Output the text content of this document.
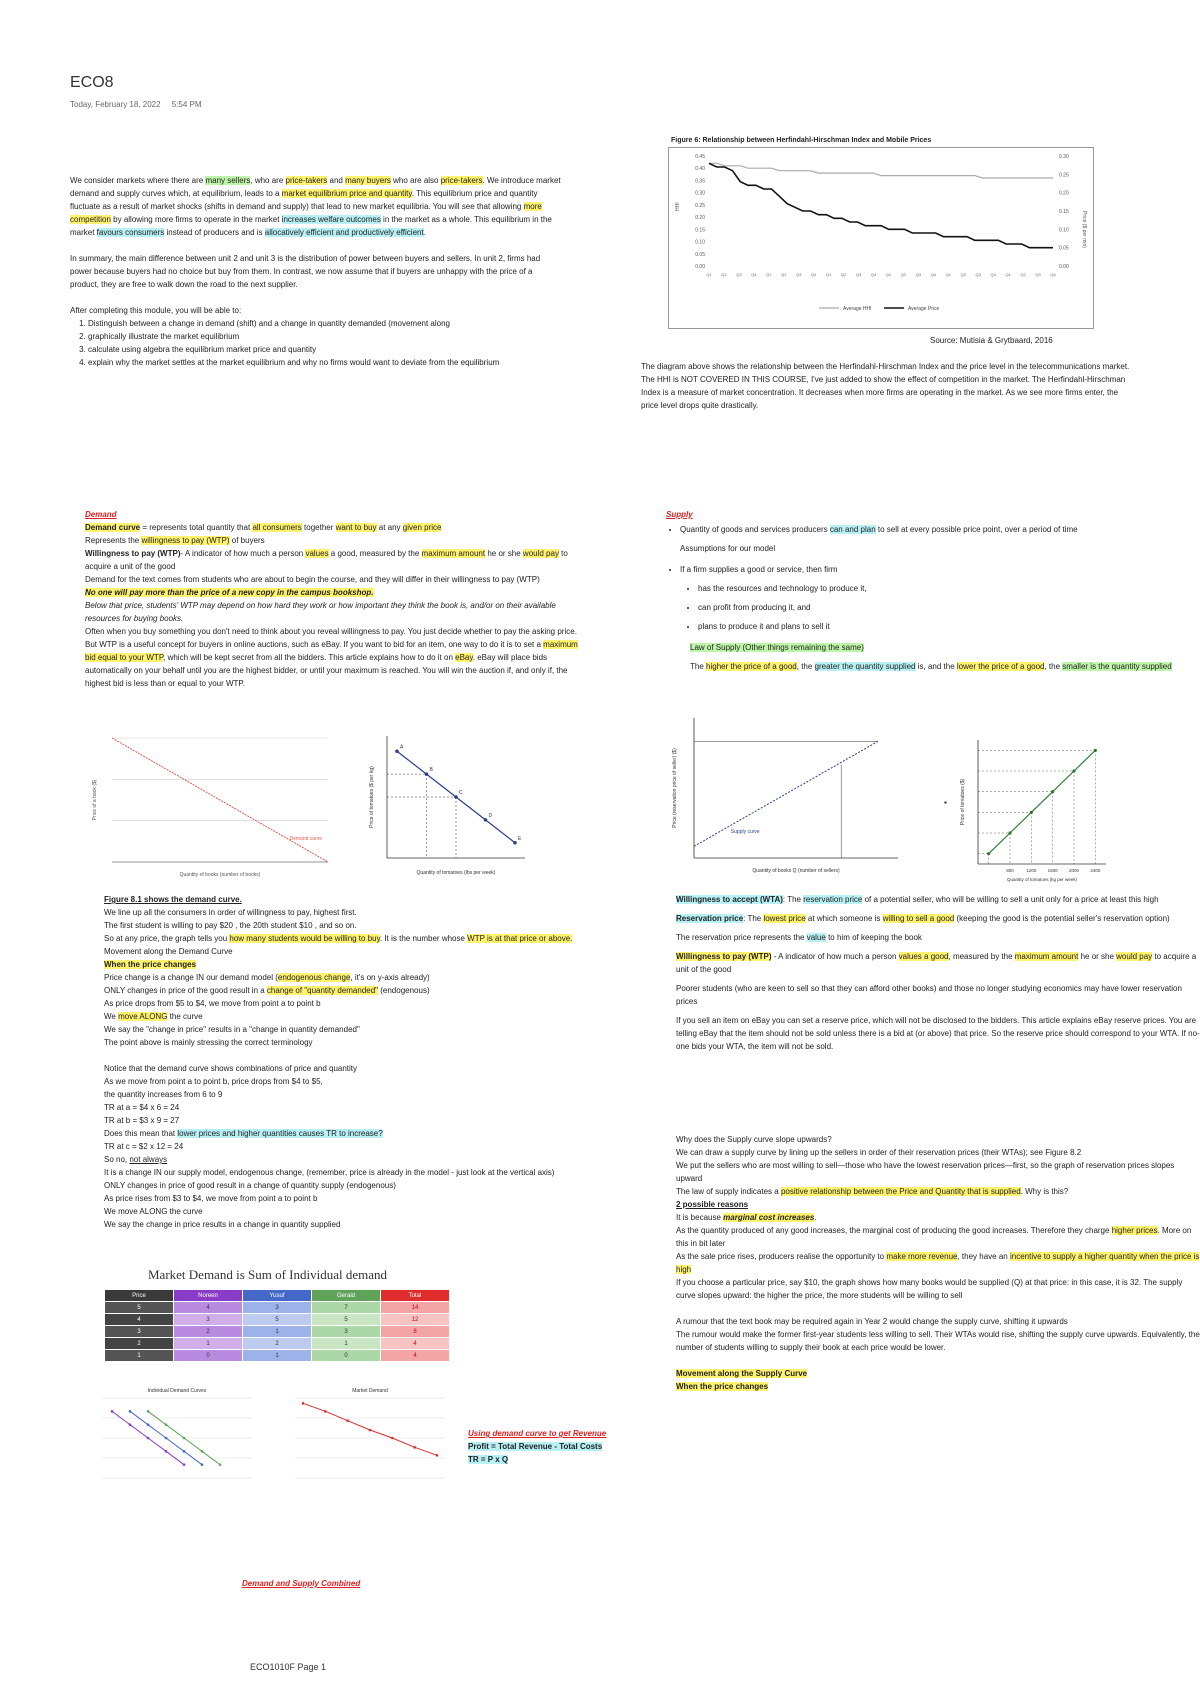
ECO8
Today, February 18, 2022 5:54 PM

We consider markets where there are many sellers, who are price-takers and many buyers who are also price-takers. We introduce market demand and supply curves which, at equilibrium, leads to a market equilibrium price and quantity. This equilibrium price and quantity fluctuate as a result of market shocks (shifts in demand and supply) that lead to new market equilibria. You will see that allowing more competition by allowing more firms to operate in the market increases welfare outcomes in the market as a whole. This equilibrium in the market favours consumers instead of producers and is allocatively efficient and productively efficient.

In summary, the main difference between unit 2 and unit 3 is the distribution of power between buyers and sellers. In unit 2, firms had power because buyers had no choice but buy from them. In contrast, we now assume that if buyers are unhappy with the price of a product, they are free to walk down the road to the next supplier.

After completing this module, you will be able to:

1. Distinguish between a change in demand (shift) and a change in quantity demanded (movement along
2. graphically illustrate the market equilibrium
3. calculate using algebra the equilibrium market price and quantity
4. explain why the market settles at the market equilibrium and why no firms would want to deviate from the equilibrium
Figure 6: Relationship between Herfindahl-Hirschman Index and Mobile Prices
0.45
0.40
0.35
0.30
0.25
0.20
0.15
0.10
0.05
0.00
0.30
0.25
0.20
0.15
0.10
0.05
0.00
HHI
Price ($ per min)
Q1 Q2 Q3 Q4 Q1 Q2 Q3 Q4 Q1 Q2 Q3 Q4 Q1 Q2 Q3 Q4 Q1 Q2 Q3 Q4 Q1 Q2 Q3 Q4
Average HHI	Average Price
Source: Mutisia & Grytbaard, 2016
The diagram above shows the relationship between the Herfindahl-Hirschman Index and the price level in the telecommunications market. The HHI is NOT COVERED IN THIS COURSE, I've just added to show the effect of competition in the market. The Herfindahl-Hirschman Index is a measure of market concentration. It decreases when more firms are operating in the market. As we see more firms enter, the price level drops quite drastically.

Demand

Demand curve = represents total quantity that all consumers together want to buy at any given price

Represents the willingness to pay (WTP) of buyers

Willingness to pay (WTP)- A indicator of how much a person values a good, measured by the maximum amount he or she would pay to acquire a unit of the good

Demand for the text comes from students who are about to begin the course, and they will differ in their willingness to pay (WTP)

No one will pay more than the price of a new copy in the campus bookshop.

Below that price, students' WTP may depend on how hard they work or how important they think the book is, and/or on their available resources for buying books.

Often when you buy something you don't need to think about you reveal willingness to pay. You just decide whether to pay the asking price. But WTP is a useful concept for buyers in online auctions, such as eBay. If you want to bid for an item, one way to do it is to set a maximum bid equal to your WTP, which will be kept secret from all the bidders. This article explains how to do it on eBay. eBay will place bids automatically on your behalf until you are the highest bidder, or until your maximum is reached. You will win the auction if, and only if, the highest bid is less than or equal to your WTP.

Demand curve
Quantity of books (number of books)
Price of a book ($)
A
B
C
D
E
Quantity of tomatoes (lbs per week)
Price of tomatoes ($ per kg)

Figure 8.1 shows the demand curve.

We line up all the consumers in order of willingness to pay, highest first.

The first student is willing to pay $20 , the 20th student $10 , and so on.

So at any price, the graph tells you how many students would be willing to buy. It is the number whose WTP is at that price or above.

Movement along the Demand Curve

When the price changes

Price change is a change IN our demand model (endogenous change, it's on y-axis already)

ONLY changes in price of the good result in a change of "quantity demanded" (endogenous)

As price drops from $5 to $4, we move from point a to point b

We move ALONG the curve

We say the "change in price" results in a "change in quantity demanded"

The point above is mainly stressing the correct terminology

Notice that the demand curve shows combinations of price and quantity

As we move from point a to point b, price drops from $4 to $5,

the quantity increases from 6 to 9

TR at a = $4 x 6 = 24

TR at b = $3 x 9 = 27

Does this mean that lower prices and higher quantities causes TR to increase?

TR at c = $2 x 12 = 24

So no, not always

It is a change IN our supply model, endogenous change, (remember, price is already in the model - just look at the vertical axis)

ONLY changes in price of good result in a change of quantity supply (endogenous)

As price rises from $3 to $4, we move from point a to point b

We move ALONG the curve

We say the change in price results in a change in quantity supplied

Market Demand is Sum of Individual demand
Price	Noreen	Yusuf	Gerald	Total
5	4	3	7	14
4	3	5	5	12
3	2	1	3	8
2	1	2	1	4
1	0	1	0	4
Individual Demand Curves	Market Demand

Using demand curve to get Revenue

Profit = Total Revenue - Total Costs

TR = P x Q

Demand and Supply Combined

Supply

• Quantity of goods and services producers can and plan to sell at every possible price point, over a period of time
Assumptions for our model
• If a firm supplies a good or service, then firm
• has the resources and technology to produce it,
• can profit from producing it, and
• plans to produce it and plans to sell it

Law of Supply (Other things remaining the same)

The higher the price of a good, the greater the quantity supplied is, and the lower the price of a good, the smaller is the quantity supplied

Supply curve
Quantity of books Q (number of sellers)
Price (reservation price of seller) ($)	▪
800	1200	1600	2000	2400
Quantity of tomatoes (kg per week)
Price of tomatoes ($)

Willingness to accept (WTA): The reservation price of a potential seller, who will be willing to sell a unit only for a price at least this high

Reservation price: The lowest price at which someone is willing to sell a good (keeping the good is the potential seller's reservation option)

The reservation price represents the value to him of keeping the book

Willingness to pay (WTP) - A indicator of how much a person values a good, measured by the maximum amount he or she would pay to acquire a unit of the good

Poorer students (who are keen to sell so that they can afford other books) and those no longer studying economics may have lower reservation prices

If you sell an item on eBay you can set a reserve price, which will not be disclosed to the bidders. This article explains eBay reserve prices. You are telling eBay that the item should not be sold unless there is a bid at (or above) that price. So the reserve price should correspond to your WTA. If no-one bids your WTA, the item will not be sold.

Why does the Supply curve slope upwards?

We can draw a supply curve by lining up the sellers in order of their reservation prices (their WTAs); see Figure 8.2

We put the sellers who are most willing to sell—those who have the lowest reservation prices—first, so the graph of reservation prices slopes upward

The law of supply indicates a positive relationship between the Price and Quantity that is supplied. Why is this?

2 possible reasons

It is because marginal cost increases.

As the quantity produced of any good increases, the marginal cost of producing the good increases. Therefore they charge higher prices. More on this in bit later

As the sale price rises, producers realise the opportunity to make more revenue, they have an incentive to supply a higher quantity when the price is high

If you choose a particular price, say $10, the graph shows how many books would be supplied (Q) at that price: in this case, it is 32. The supply curve slopes upward: the higher the price, the more students will be willing to sell

A rumour that the text book may be required again in Year 2 would change the supply curve, shifting it upwards

The rumour would make the former first-year students less willing to sell. Their WTAs would rise, shifting the supply curve upwards. Equivalently, the number of students willing to supply their book at each price would be lower.

Movement along the Supply Curve

When the price changes

ECO1010F Page 1
